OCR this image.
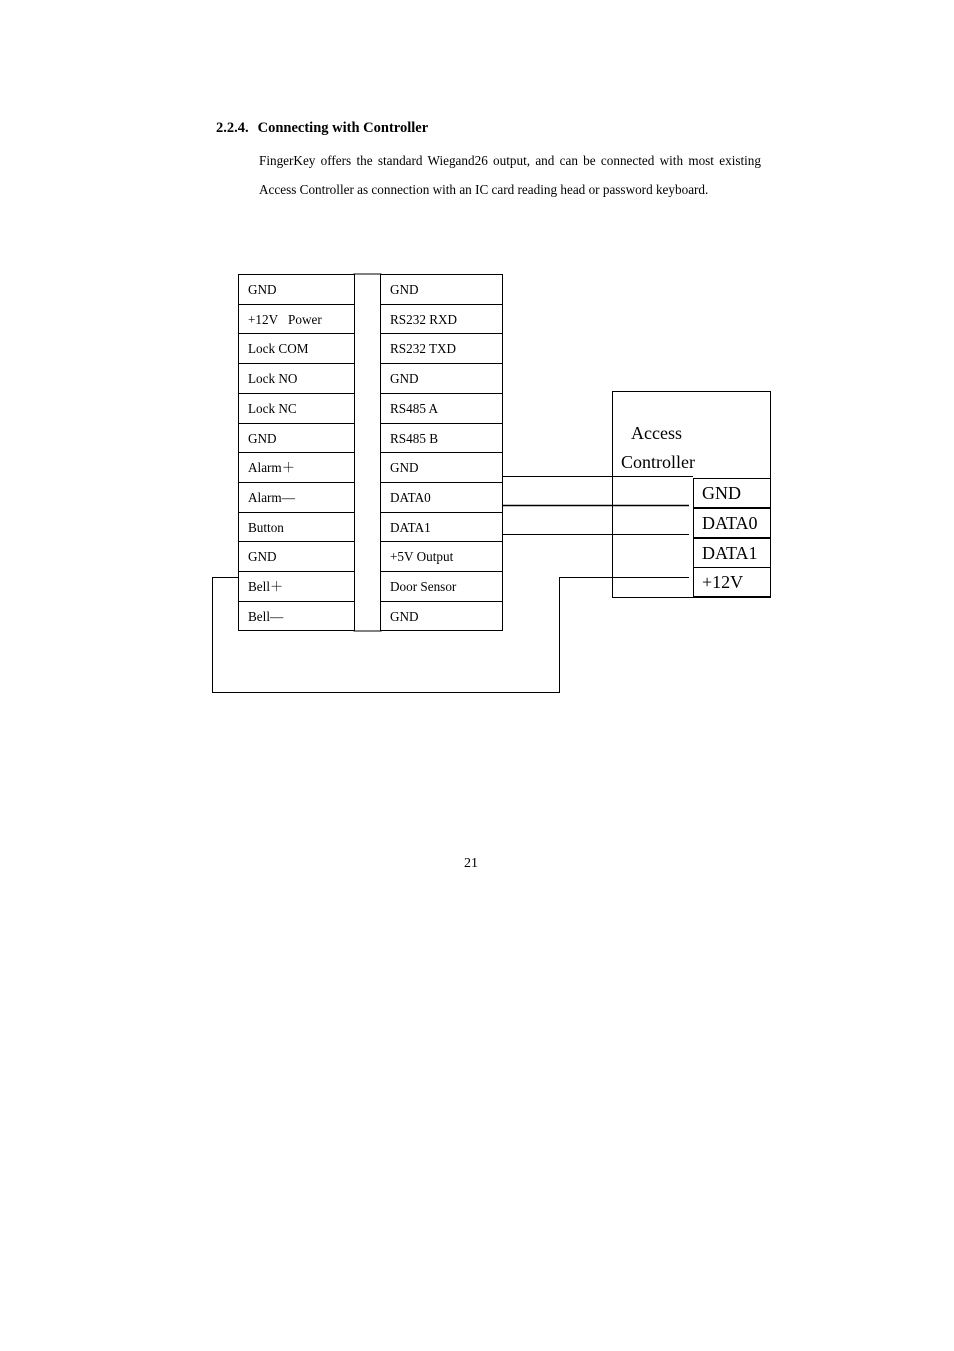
2.2.4. Connecting with Controller
FingerKey offers the standard Wiegand26 output, and can be connected with most existing Access Controller as connection with an IC card reading head or password keyboard.
GND
+12V   Power
Lock COM
Lock NO
Lock NC
GND
Alarm＋
Alarm—
Button
GND
Bell＋
Bell—
GND
RS232 RXD
RS232 TXD
GND
RS485 A
RS485 B
GND
DATA0
DATA1
+5V Output
Door Sensor
GND
Access
Controller
GND
DATA0
DATA1
+12V
21
